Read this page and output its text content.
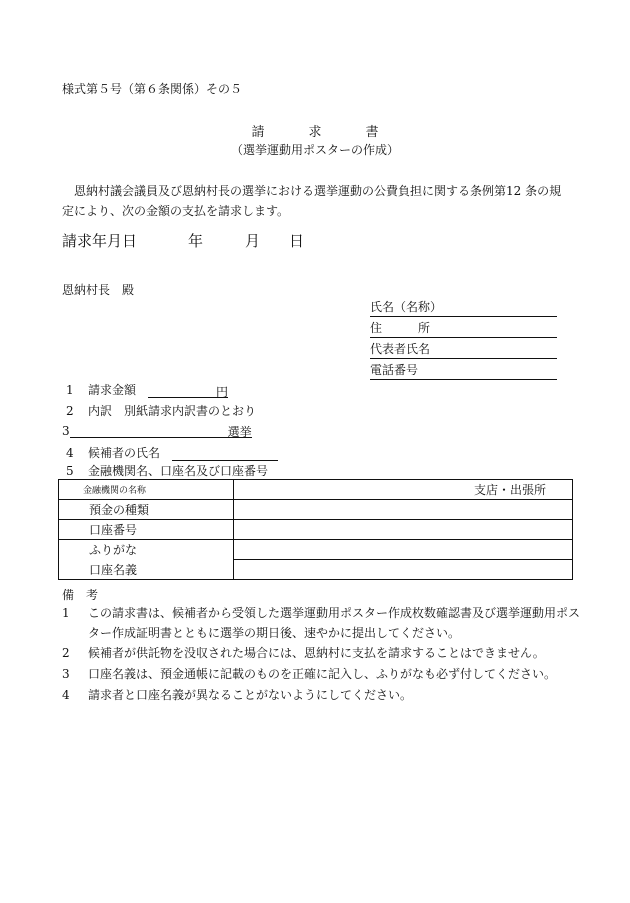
様式第５号（第６条関係）その５
請	求	書
（選挙運動用ポスターの作成）
恩納村議会議員及び恩納村長の選挙における選挙運動の公費負担に関する条例第12 条の規定により、次の金額の支払を請求します。
請求年月日	年	月 日
恩納村長　殿
氏名（名称）
住　　　所
代表者氏名
電話番号
1 請求金額	円
2 内訳　別紙請求内訳書のとおり
3	選挙
4 候補者の氏名
5 金融機関名、口座名及び口座番号
金融機関の名称	支店・出張所
預金の種類	
口座番号	
ふりがな	
口座名義	
備　考
1 この請求書は、候補者から受領した選挙運動用ポスター作成枚数確認書及び選挙運動用ポス
ター作成証明書とともに選挙の期日後、速やかに提出してください。
2 候補者が供託物を没収された場合には、恩納村に支払を請求することはできません。
3 口座名義は、預金通帳に記載のものを正確に記入し、ふりがなも必ず付してください。
4 請求者と口座名義が異なることがないようにしてください。
